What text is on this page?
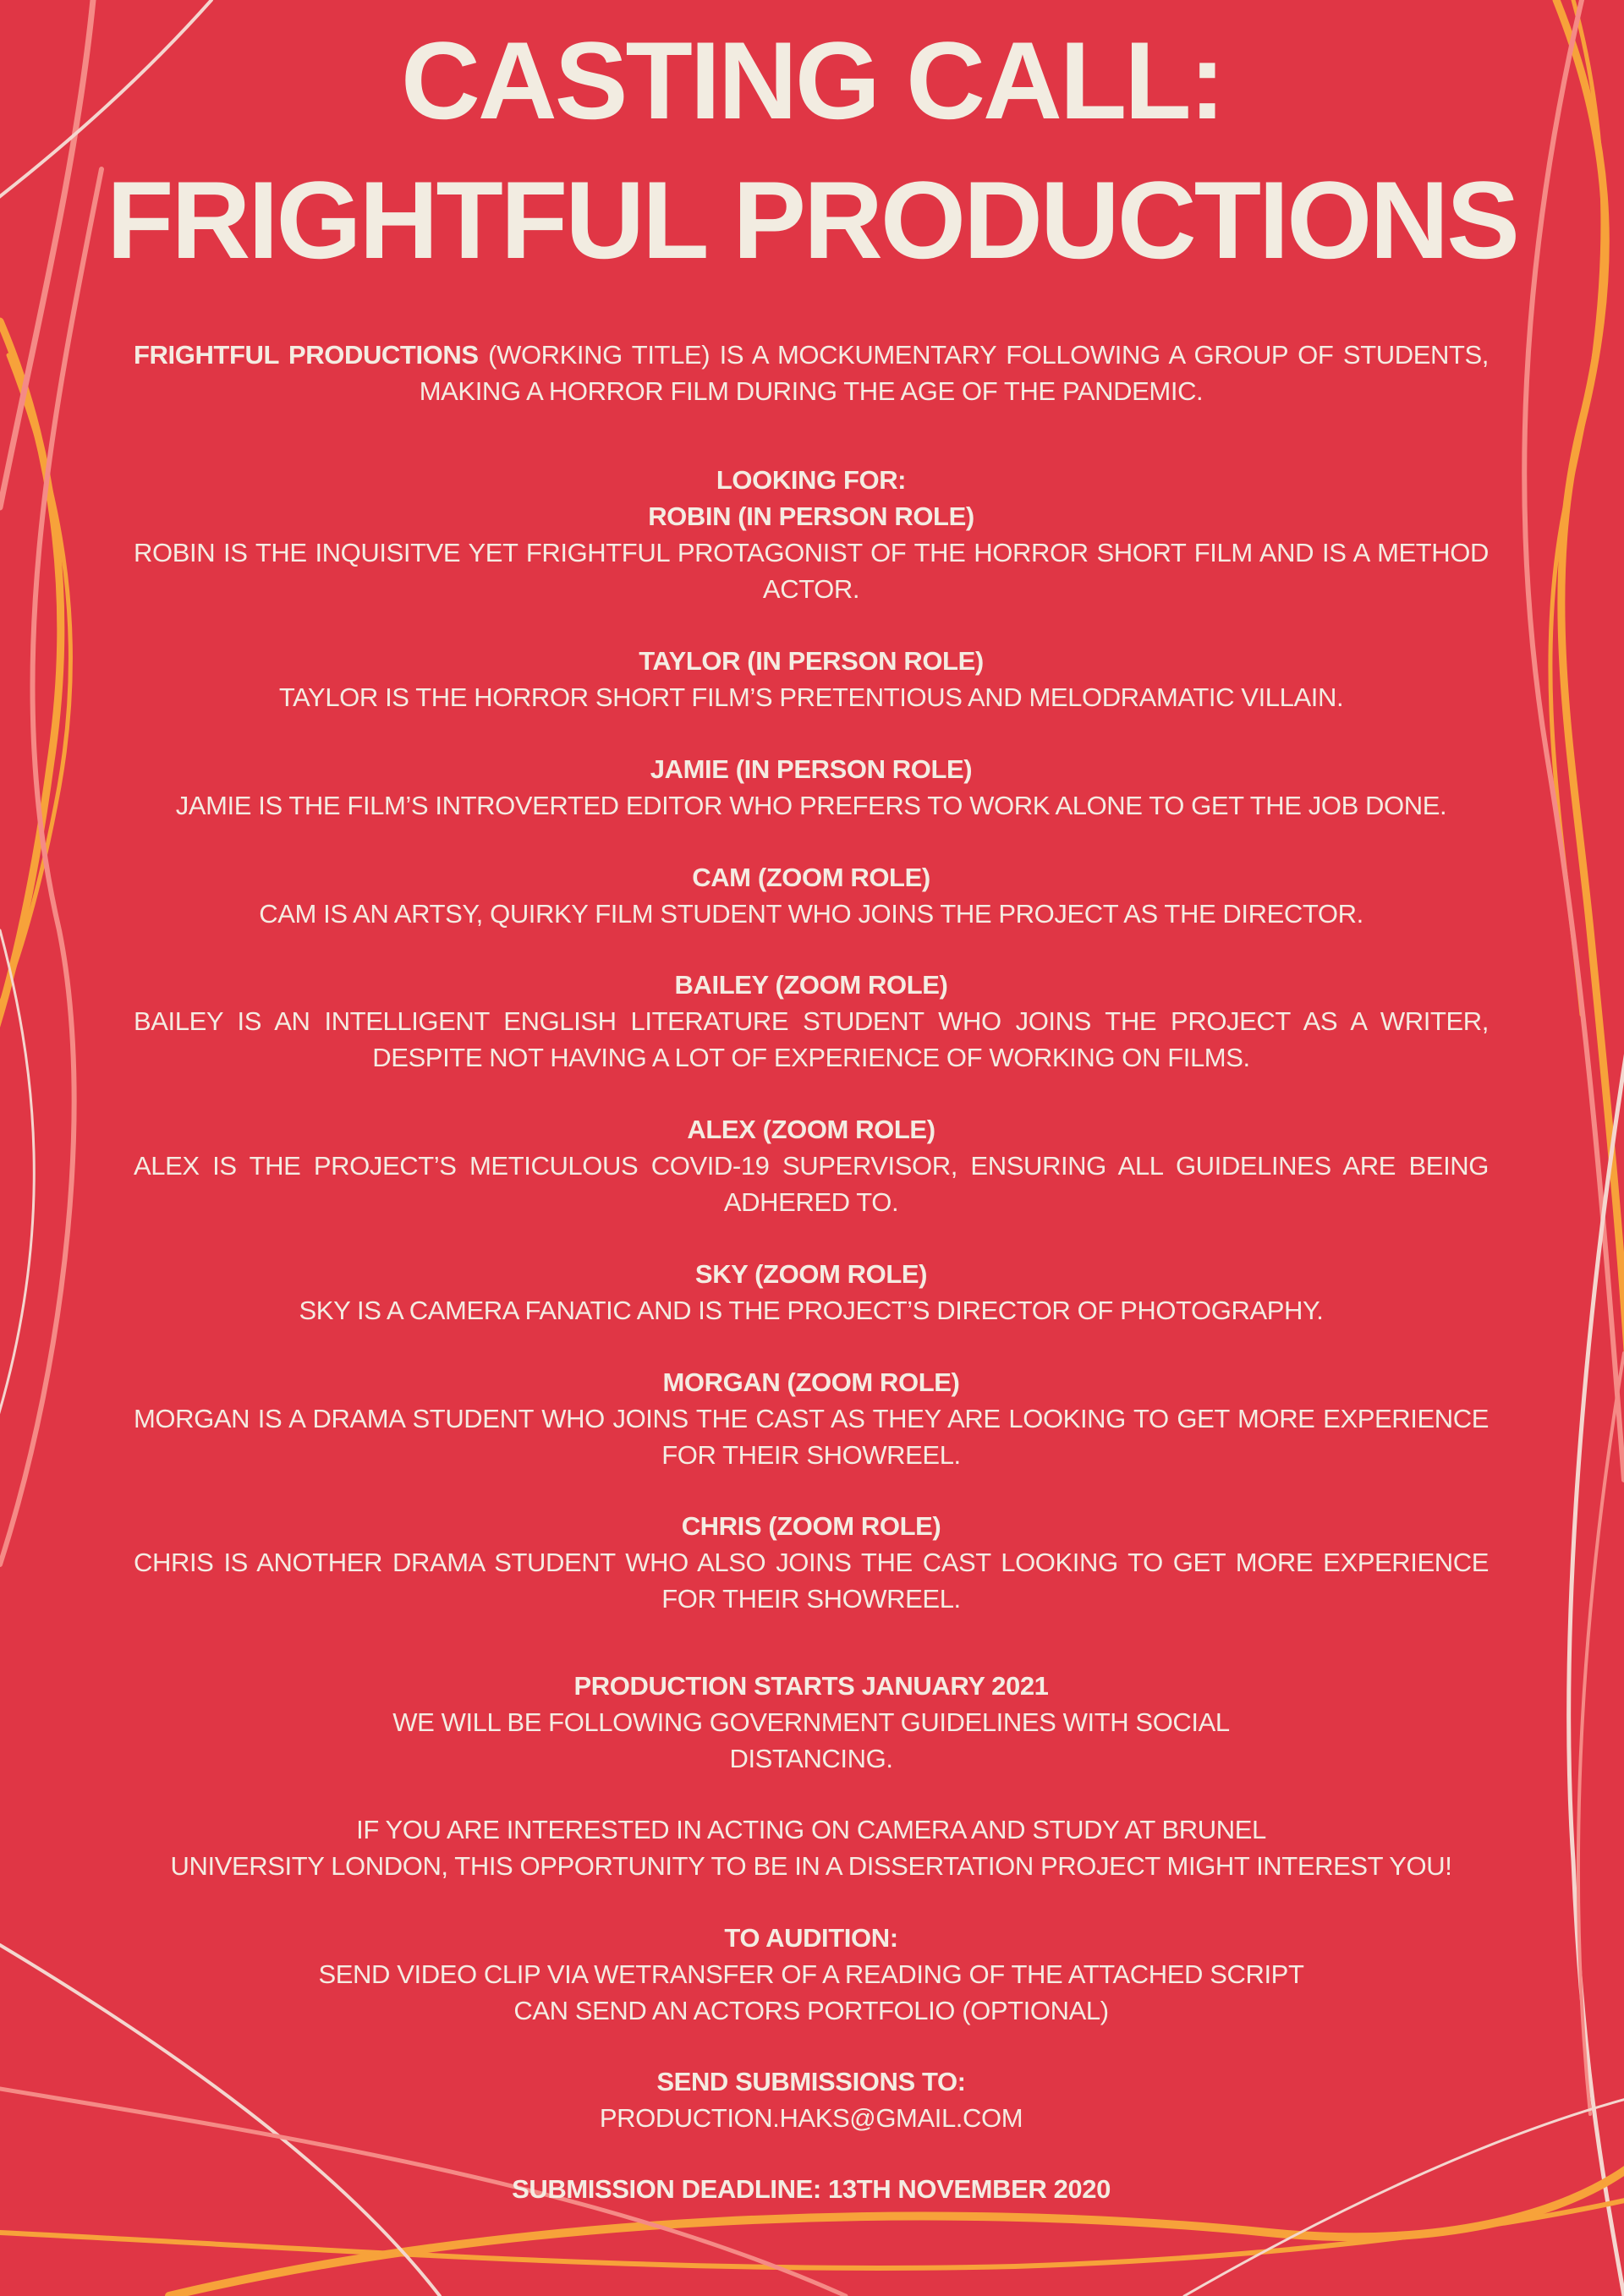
CASTING CALL:
FRIGHTFUL PRODUCTIONS
FRIGHTFUL PRODUCTIONS (WORKING TITLE) IS A MOCKUMENTARY FOLLOWING A GROUP OF STUDENTS, MAKING A HORROR FILM DURING THE AGE OF THE PANDEMIC.
LOOKING FOR:
ROBIN (IN PERSON ROLE)
ROBIN IS THE INQUISITVE YET FRIGHTFUL PROTAGONIST OF THE HORROR SHORT FILM AND IS A METHOD ACTOR.
TAYLOR (IN PERSON ROLE)
TAYLOR IS THE HORROR SHORT FILM’S PRETENTIOUS AND MELODRAMATIC VILLAIN.
JAMIE (IN PERSON ROLE)
JAMIE IS THE FILM’S INTROVERTED EDITOR WHO PREFERS TO WORK ALONE TO GET THE JOB DONE.
CAM (ZOOM ROLE)
CAM IS AN ARTSY, QUIRKY FILM STUDENT WHO JOINS THE PROJECT AS THE DIRECTOR.
BAILEY (ZOOM ROLE)
BAILEY IS AN INTELLIGENT ENGLISH LITERATURE STUDENT WHO JOINS THE PROJECT AS A WRITER, DESPITE NOT HAVING A LOT OF EXPERIENCE OF WORKING ON FILMS.
ALEX (ZOOM ROLE)
ALEX IS THE PROJECT’S METICULOUS COVID-19 SUPERVISOR, ENSURING ALL GUIDELINES ARE BEING ADHERED TO.
SKY (ZOOM ROLE)
SKY IS A CAMERA FANATIC AND IS THE PROJECT’S DIRECTOR OF PHOTOGRAPHY.
MORGAN (ZOOM ROLE)
MORGAN IS A DRAMA STUDENT WHO JOINS THE CAST AS THEY ARE LOOKING TO GET MORE EXPERIENCE FOR THEIR SHOWREEL.
CHRIS (ZOOM ROLE)
CHRIS IS ANOTHER DRAMA STUDENT WHO ALSO JOINS THE CAST LOOKING TO GET MORE EXPERIENCE FOR THEIR SHOWREEL.
PRODUCTION STARTS JANUARY 2021
WE WILL BE FOLLOWING GOVERNMENT GUIDELINES WITH SOCIAL
DISTANCING.
IF YOU ARE INTERESTED IN ACTING ON CAMERA AND STUDY AT BRUNEL
UNIVERSITY LONDON, THIS OPPORTUNITY TO BE IN A DISSERTATION PROJECT MIGHT INTEREST YOU!
TO AUDITION:
SEND VIDEO CLIP VIA WETRANSFER OF A READING OF THE ATTACHED SCRIPT
CAN SEND AN ACTORS PORTFOLIO (OPTIONAL)
SEND SUBMISSIONS TO:
PRODUCTION.HAKS@GMAIL.COM
SUBMISSION DEADLINE: 13TH NOVEMBER 2020
